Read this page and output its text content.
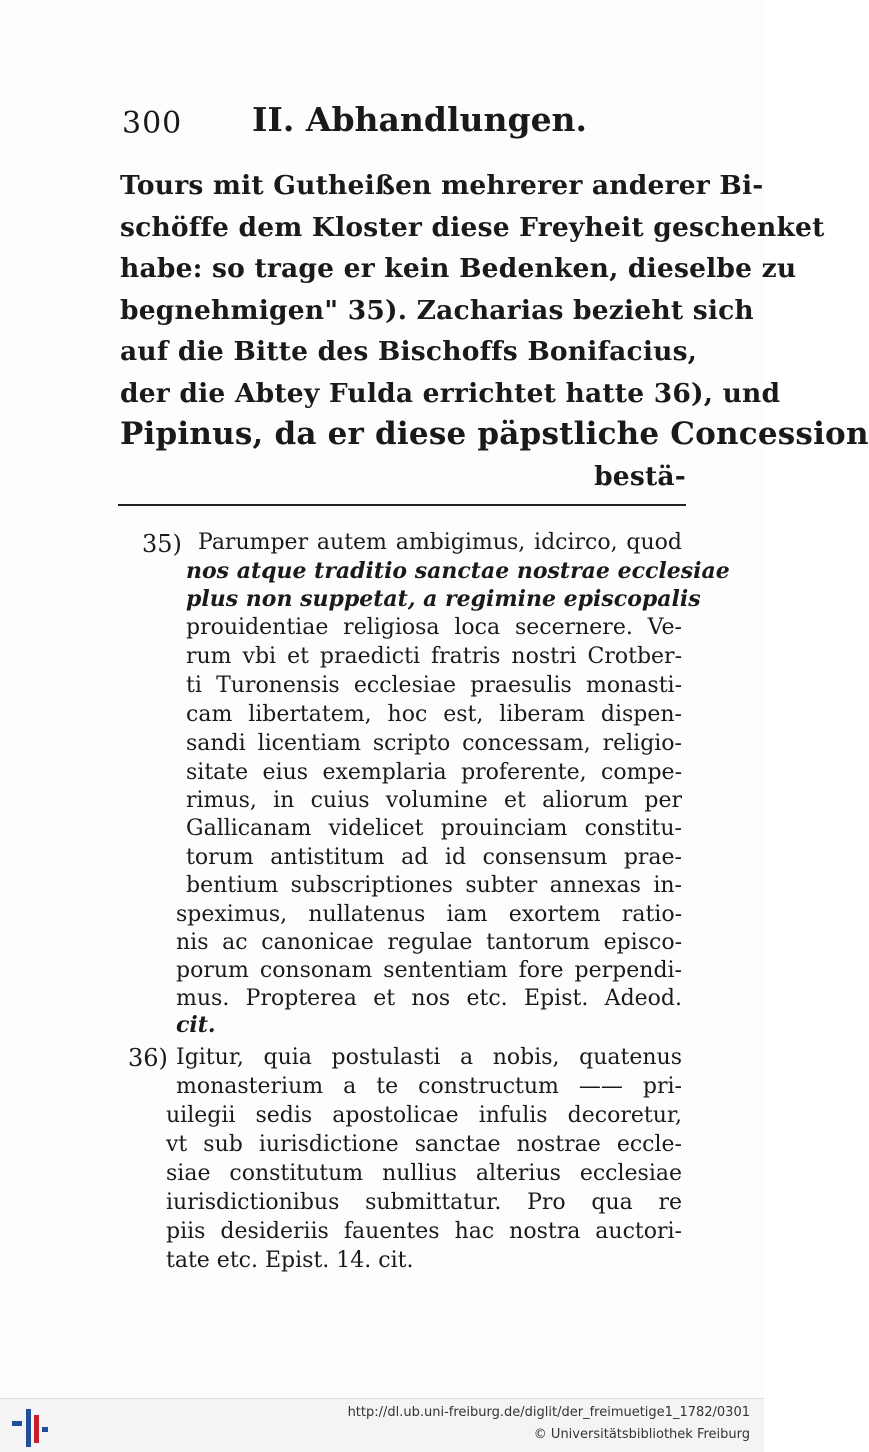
300 II. Abhandlungen.
Tours mit Gutheißen mehrerer anderer Bi-
schöffe dem Kloster diese Freyheit geschenket
habe: so trage er kein Bedenken, dieselbe zu
begnehmigen" 35). Zacharias bezieht sich
auf die Bitte des Bischoffs Bonifacius,
der die Abtey Fulda errichtet hatte 36), und
Pipinus, da er diese päpstliche Concession
bestä-
35) Parumper autem ambigimus, idcirco, quod
nos atque traditio sanctae nostrae ecclesiae
plus non suppetat, a regimine episcopalis
prouidentiae religiosa loca secernere. Ve-
rum vbi et praedicti fratris nostri Crotber-
ti Turonensis ecclesiae praesulis monasti-
cam libertatem, hoc est, liberam dispen-
sandi licentiam scripto concessam, religio-
sitate eius exemplaria proferente, compe-
rimus, in cuius volumine et aliorum per
Gallicanam videlicet prouinciam constitu-
torum antistitum ad id consensum prae-
bentium subscriptiones subter annexas in-
speximus, nullatenus iam exortem ratio-
nis ac canonicae regulae tantorum episco-
porum consonam sententiam fore perpendi-
mus. Propterea et nos etc. Epist. Adeod.
cit.
36) Igitur, quia postulasti a nobis, quatenus
monasterium a te constructum —— pri-
uilegii sedis apostolicae infulis decoretur,
vt sub iurisdictione sanctae nostrae eccle-
siae constitutum nullius alterius ecclesiae
iurisdictionibus submittatur. Pro qua re
piis desideriis fauentes hac nostra auctori-
tate etc. Epist. 14. cit.
http://dl.ub.uni-freiburg.de/diglit/der_freimuetige1_1782/0301
© Universitätsbibliothek Freiburg
